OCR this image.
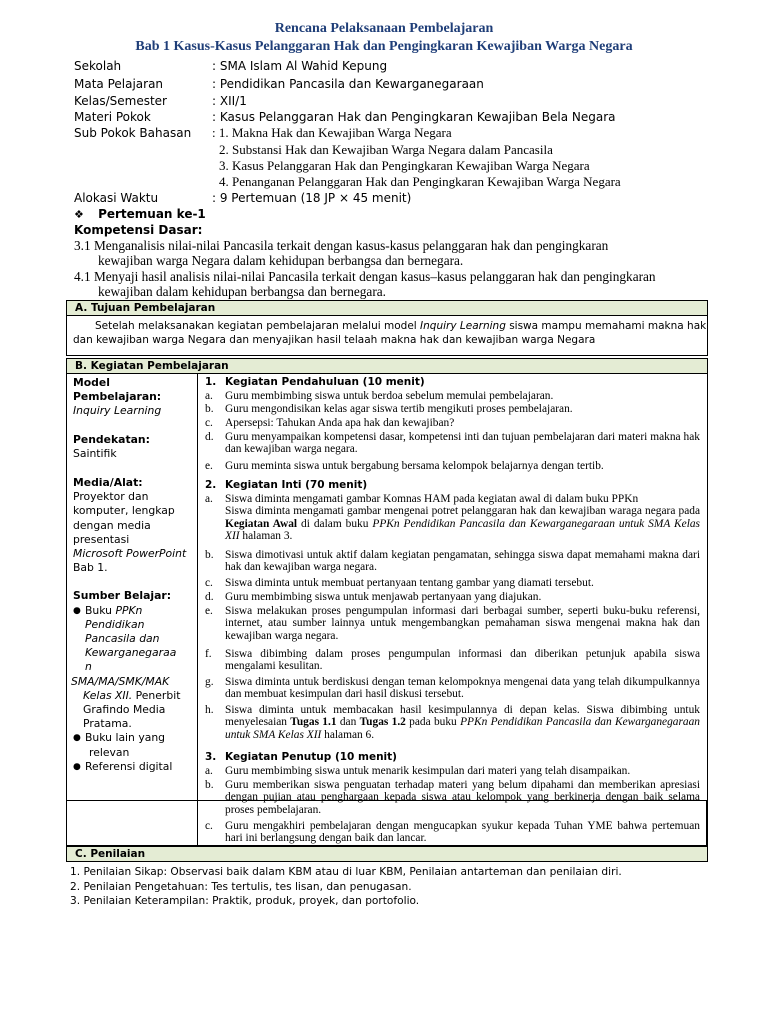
Rencana Pelaksanaan Pembelajaran
Bab 1 Kasus-Kasus Pelanggaran Hak dan Pengingkaran Kewajiban Warga Negara
Sekolah	: SMA Islam Al Wahid Kepung
Mata Pelajaran	: Pendidikan Pancasila dan Kewarganegaraan
Kelas/Semester	: XII/1
Materi Pokok	: Kasus Pelanggaran Hak dan Pengingkaran Kewajiban Bela Negara
Sub Pokok Bahasan : 1. Makna Hak dan Kewajiban Warga Negara
2. Substansi Hak dan Kewajiban Warga Negara dalam Pancasila
3. Kasus Pelanggaran Hak dan Pengingkaran Kewajiban Warga Negara
4. Penanganan Pelanggaran Hak dan Pengingkaran Kewajiban Warga Negara
Alokasi Waktu	: 9 Pertemuan (18 JP × 45 menit)
❖ Pertemuan ke-1
Kompetensi Dasar:
3.1 Menganalisis nilai-nilai Pancasila terkait dengan kasus-kasus pelanggaran hak dan pengingkaran
kewajiban warga Negara dalam kehidupan berbangsa dan bernegara.
4.1 Menyaji hasil analisis nilai-nilai Pancasila terkait dengan kasus–kasus pelanggaran hak dan pengingkaran
kewajiban dalam kehidupan berbangsa dan bernegara.
A. Tujuan Pembelajaran
Setelah melaksanakan kegiatan pembelajaran melalui model Inquiry Learning siswa mampu memahami makna hak
dan kewajiban warga Negara dan menyajikan hasil telaah makna hak dan kewajiban warga Negara
B. Kegiatan Pembelajaran
Model Pembelajaran:
Inquiry Learning
Pendekatan:
Saintifik
Media/Alat:
Proyektor dan
komputer, lengkap
dengan media
presentasi
Microsoft PowerPoint
Bab 1.
Sumber Belajar:
● Buku PPKn
Pendidikan
Pancasila dan
Kewarganegaraa
n
SMA/MA/SMK/MAK
Kelas XII. Penerbit
Grafindo Media
Pratama.
● Buku lain yang
relevan
● Referensi digital
1. Kegiatan Pendahuluan (10 menit)
a. Guru membimbing siswa untuk berdoa sebelum memulai pembelajaran.
b. Guru mengondisikan kelas agar siswa tertib mengikuti proses pembelajaran.
c. Apersepsi: Tahukan Anda apa hak dan kewajiban?
d. Guru menyampaikan kompetensi dasar, kompetensi inti dan tujuan pembelajaran dari materi makna hak dan kewajiban warga negara.
e. Guru meminta siswa untuk bergabung bersama kelompok belajarnya dengan tertib.
2. Kegiatan Inti (70 menit)
a. Siswa diminta mengamati gambar Komnas HAM pada kegiatan awal di dalam buku PPKn
Siswa diminta mengamati gambar mengenai potret pelanggaran hak dan kewajiban waraga negara pada Kegiatan Awal di dalam buku PPKn Pendidikan Pancasila dan Kewarganegaraan untuk SMA Kelas XII halaman 3.
b. Siswa dimotivasi untuk aktif dalam kegiatan pengamatan, sehingga siswa dapat memahami makna dari hak dan kewajiban warga negara.
c. Siswa diminta untuk membuat pertanyaan tentang gambar yang diamati tersebut.
d. Guru membimbing siswa untuk menjawab pertanyaan yang diajukan.
e. Siswa melakukan proses pengumpulan informasi dari berbagai sumber, seperti buku-buku referensi, internet, atau sumber lainnya untuk mengembangkan pemahaman siswa mengenai makna hak dan kewajiban warga negara.
f. Siswa dibimbing dalam proses pengumpulan informasi dan diberikan petunjuk apabila siswa mengalami kesulitan.
g. Siswa diminta untuk berdiskusi dengan teman kelompoknya mengenai data yang telah dikumpulkannya dan membuat kesimpulan dari hasil diskusi tersebut.
h. Siswa diminta untuk membacakan hasil kesimpulannya di depan kelas. Siswa dibimbing untuk menyelesaian Tugas 1.1 dan Tugas 1.2 pada buku PPKn Pendidikan Pancasila dan Kewarganegaraan untuk SMA Kelas XII halaman 6.
3. Kegiatan Penutup (10 menit)
a. Guru membimbing siswa untuk menarik kesimpulan dari materi yang telah disampaikan.
b. Guru memberikan siswa penguatan terhadap materi yang belum dipahami dan memberikan apresiasi dengan pujian atau penghargaan kepada siswa atau kelompok yang berkinerja dengan baik selama proses pembelajaran.
c. Guru mengakhiri pembelajaran dengan mengucapkan syukur kepada Tuhan YME bahwa pertemuan hari ini berlangsung dengan baik dan lancar.
C. Penilaian
1. Penilaian Sikap: Observasi baik dalam KBM atau di luar KBM, Penilaian antarteman dan penilaian diri.
2. Penilaian Pengetahuan: Tes tertulis, tes lisan, dan penugasan.
3. Penilaian Keterampilan: Praktik, produk, proyek, dan portofolio.
